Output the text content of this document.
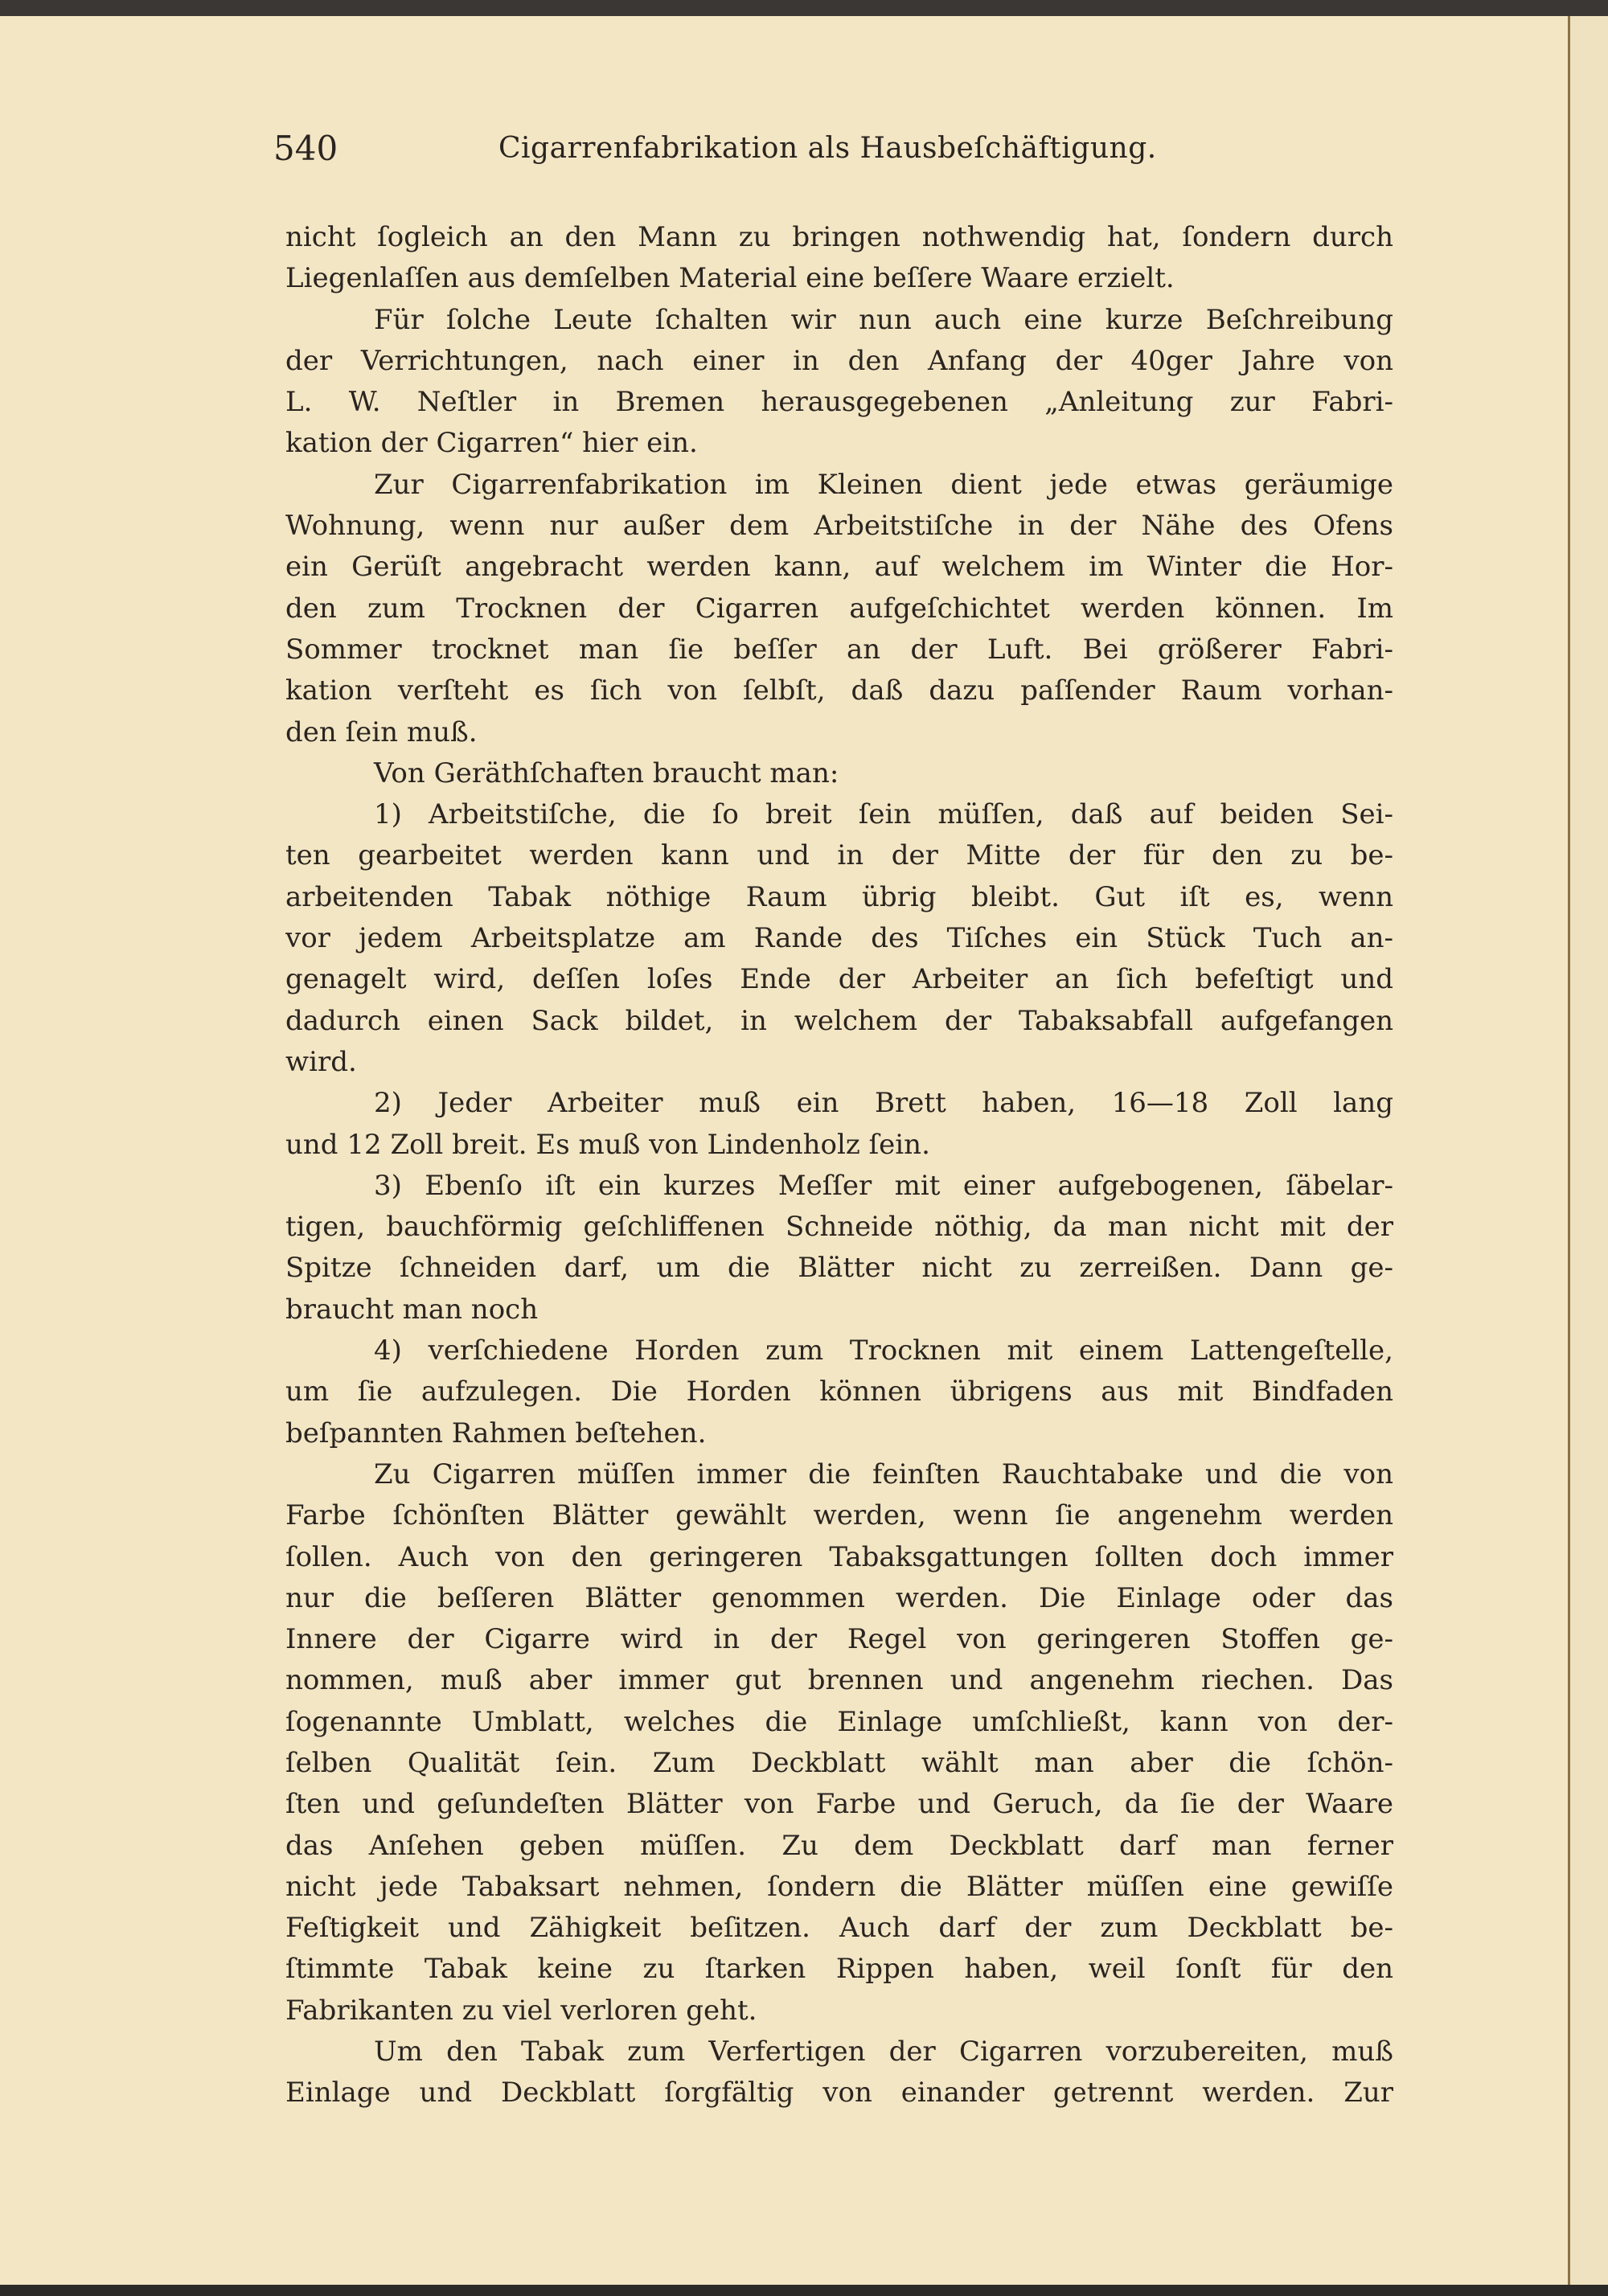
540	Cigarrenfabrikation als Hausbeſchäftigung.
nicht ſogleich an den Mann zu bringen nothwendig hat, ſondern durch
Liegenlaſſen aus demſelben Material eine beſſere Waare erzielt.
Für ſolche Leute ſchalten wir nun auch eine kurze Beſchreibung
der Verrichtungen, nach einer in den Anfang der 40ger Jahre von
L. W. Neſtler in Bremen herausgegebenen „Anleitung zur Fabri-
kation der Cigarren“ hier ein.
Zur Cigarrenfabrikation im Kleinen dient jede etwas geräumige
Wohnung, wenn nur außer dem Arbeitstiſche in der Nähe des Ofens
ein Gerüſt angebracht werden kann, auf welchem im Winter die Hor-
den zum Trocknen der Cigarren aufgeſchichtet werden können. Im
Sommer trocknet man ſie beſſer an der Luft. Bei größerer Fabri-
kation verſteht es ſich von ſelbſt, daß dazu paſſender Raum vorhan-
den ſein muß.
Von Geräthſchaften braucht man:
1) Arbeitstiſche, die ſo breit ſein müſſen, daß auf beiden Sei-
ten gearbeitet werden kann und in der Mitte der für den zu be-
arbeitenden Tabak nöthige Raum übrig bleibt. Gut iſt es, wenn
vor jedem Arbeitsplatze am Rande des Tiſches ein Stück Tuch an-
genagelt wird, deſſen loſes Ende der Arbeiter an ſich befeſtigt und
dadurch einen Sack bildet, in welchem der Tabaksabfall aufgefangen
wird.
2) Jeder Arbeiter muß ein Brett haben, 16—18 Zoll lang
und 12 Zoll breit. Es muß von Lindenholz ſein.
3) Ebenſo iſt ein kurzes Meſſer mit einer aufgebogenen, ſäbelar-
tigen, bauchförmig geſchliffenen Schneide nöthig, da man nicht mit der
Spitze ſchneiden darf, um die Blätter nicht zu zerreißen. Dann ge-
braucht man noch
4) verſchiedene Horden zum Trocknen mit einem Lattengeſtelle,
um ſie aufzulegen. Die Horden können übrigens aus mit Bindfaden
beſpannten Rahmen beſtehen.
Zu Cigarren müſſen immer die feinſten Rauchtabake und die von
Farbe ſchönſten Blätter gewählt werden, wenn ſie angenehm werden
ſollen. Auch von den geringeren Tabaksgattungen ſollten doch immer
nur die beſſeren Blätter genommen werden. Die Einlage oder das
Innere der Cigarre wird in der Regel von geringeren Stoffen ge-
nommen, muß aber immer gut brennen und angenehm riechen. Das
ſogenannte Umblatt, welches die Einlage umſchließt, kann von der-
ſelben Qualität ſein. Zum Deckblatt wählt man aber die ſchön-
ſten und geſundeſten Blätter von Farbe und Geruch, da ſie der Waare
das Anſehen geben müſſen. Zu dem Deckblatt darf man ferner
nicht jede Tabaksart nehmen, ſondern die Blätter müſſen eine gewiſſe
Feſtigkeit und Zähigkeit beſitzen. Auch darf der zum Deckblatt be-
ſtimmte Tabak keine zu ſtarken Rippen haben, weil ſonſt für den
Fabrikanten zu viel verloren geht.
Um den Tabak zum Verfertigen der Cigarren vorzubereiten, muß
Einlage und Deckblatt ſorgfältig von einander getrennt werden. Zur
